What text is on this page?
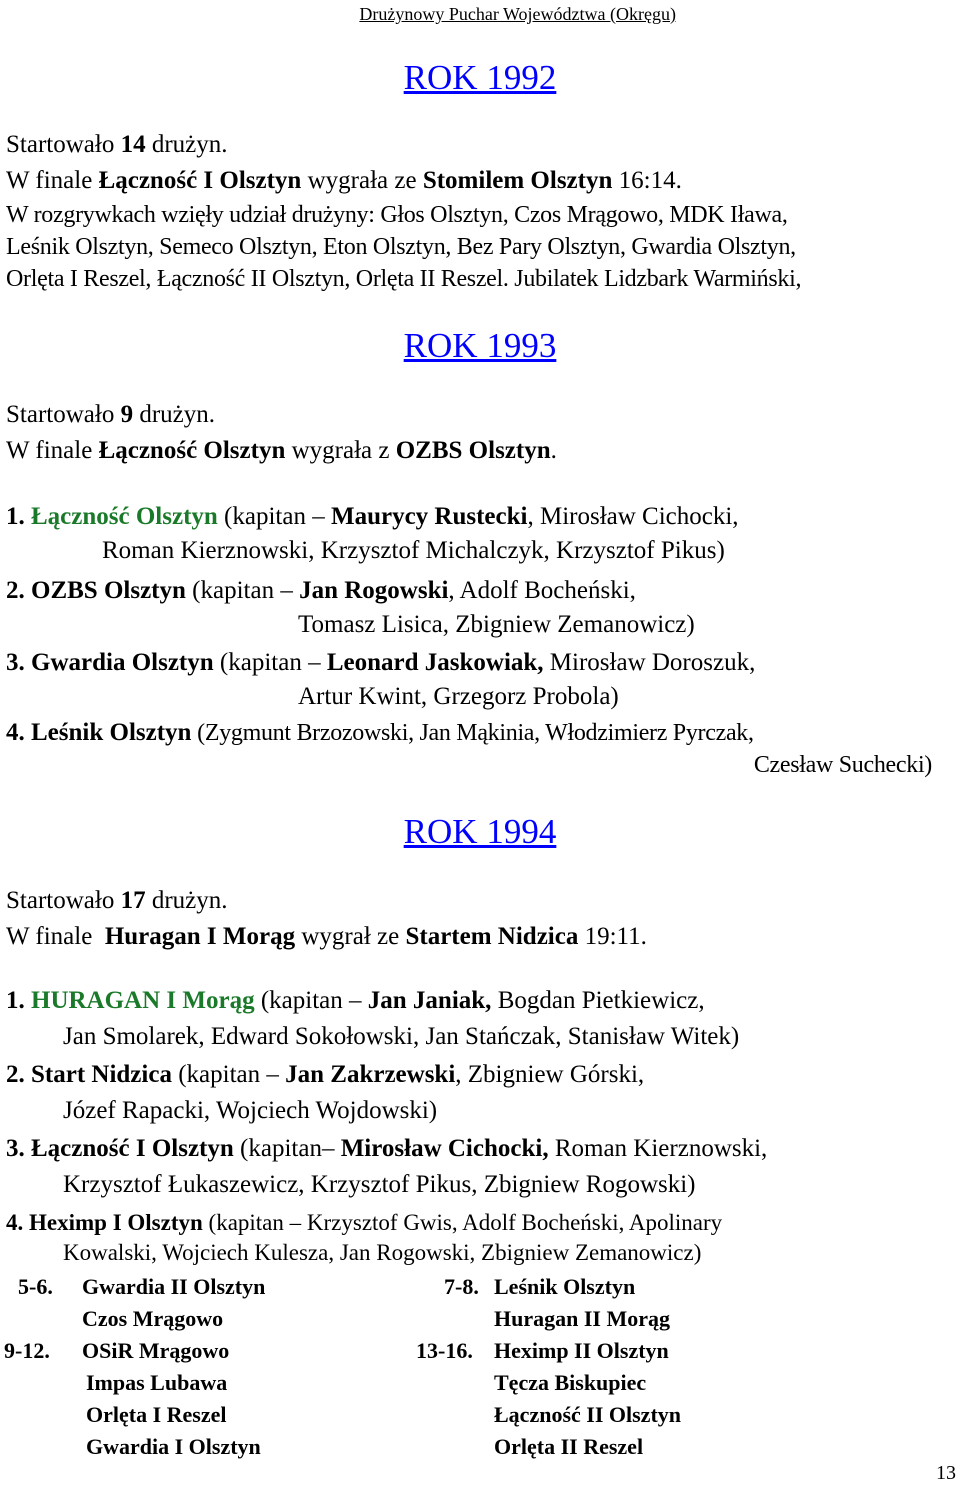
Drużynowy Puchar Województwa (Okręgu)
ROK 1992
Startowało 14 drużyn.
W finale Łączność I Olsztyn wygrała ze Stomilem Olsztyn 16:14.
W rozgrywkach wzięły udział drużyny: Głos Olsztyn, Czos Mrągowo, MDK Iława,
Leśnik Olsztyn, Semeco Olsztyn, Eton Olsztyn, Bez Pary Olsztyn, Gwardia Olsztyn,
Orlęta I Reszel, Łączność II Olsztyn, Orlęta II Reszel. Jubilatek Lidzbark Warmiński,
ROK 1993
Startowało 9 drużyn.
W finale Łączność Olsztyn wygrała z OZBS Olsztyn.
1. Łączność Olsztyn (kapitan – Maurycy Rustecki, Mirosław Cichocki,
Roman Kierznowski, Krzysztof Michalczyk, Krzysztof Pikus)
2. OZBS Olsztyn (kapitan – Jan Rogowski, Adolf Bocheński,
Tomasz Lisica, Zbigniew Zemanowicz)
3. Gwardia Olsztyn (kapitan – Leonard Jaskowiak, Mirosław Doroszuk,
Artur Kwint, Grzegorz Probola)
4. Leśnik Olsztyn (Zygmunt Brzozowski, Jan Mąkinia, Włodzimierz Pyrczak,
Czesław Suchecki)
ROK 1994
Startowało 17 drużyn.
W finale  Huragan I Morąg wygrał ze Startem Nidzica 19:11.
1. HURAGAN I Morąg (kapitan – Jan Janiak, Bogdan Pietkiewicz,
Jan Smolarek, Edward Sokołowski, Jan Stańczak, Stanisław Witek)
2. Start Nidzica (kapitan – Jan Zakrzewski, Zbigniew Górski,
Józef Rapacki, Wojciech Wojdowski)
3. Łączność I Olsztyn (kapitan– Mirosław Cichocki, Roman Kierznowski,
Krzysztof Łukaszewicz, Krzysztof Pikus, Zbigniew Rogowski)
4. Heximp I Olsztyn (kapitan – Krzysztof Gwis, Adolf Bocheński, Apolinary
Kowalski, Wojciech Kulesza, Jan Rogowski, Zbigniew Zemanowicz)
5-6. Gwardia II Olsztyn
Czos Mrągowo
7-8. Leśnik Olsztyn
Huragan II Morąg
9-12. OSiR Mrągowo
Impas Lubawa
Orlęta I Reszel
Gwardia I Olsztyn
13-16. Heximp II Olsztyn
Tęcza Biskupiec
Łączność II Olsztyn
Orlęta II Reszel
13
